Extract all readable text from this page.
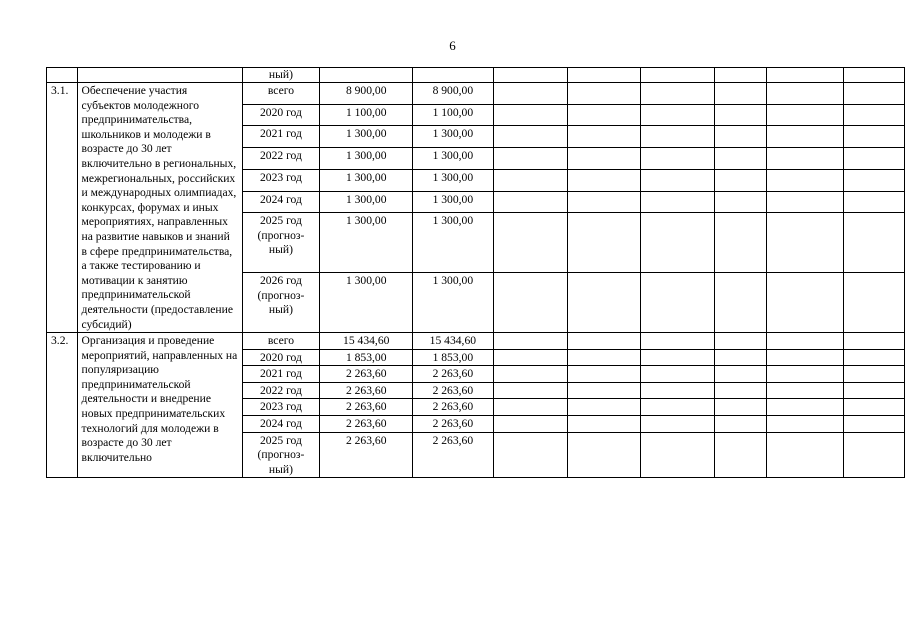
6
		ный)								
3.1.	Обеспечение участия субъектов молодежного предпринимательства, школьников и молодежи в возрасте до 30 лет включительно в региональных, межрегиональных, российских и международных олимпиадах, конкурсах, форумах и иных мероприятиях, направленных на развитие навыков и знаний в сфере предпринимательства, а также тестированию и мотивации к занятию предпринимательской деятельности (предоставление субсидий)	всего	8 900,00	8 900,00						
		2020 год	1 100,00	1 100,00						
		2021 год	1 300,00	1 300,00						
		2022 год	1 300,00	1 300,00						
		2023 год	1 300,00	1 300,00						
		2024 год	1 300,00	1 300,00						
		2025 год (прогноз-ный)	1 300,00	1 300,00						
		2026 год (прогноз-ный)	1 300,00	1 300,00						
3.2.	Организация и проведение мероприятий, направленных на популяризацию предпринимательской деятельности и внедрение новых предпринимательских технологий для молодежи в возрасте до 30 лет включительно	всего	15 434,60	15 434,60						
		2020 год	1 853,00	1 853,00						
		2021 год	2 263,60	2 263,60						
		2022 год	2 263,60	2 263,60						
		2023 год	2 263,60	2 263,60						
		2024 год	2 263,60	2 263,60						
		2025 год (прогноз-ный)	2 263,60	2 263,60						
